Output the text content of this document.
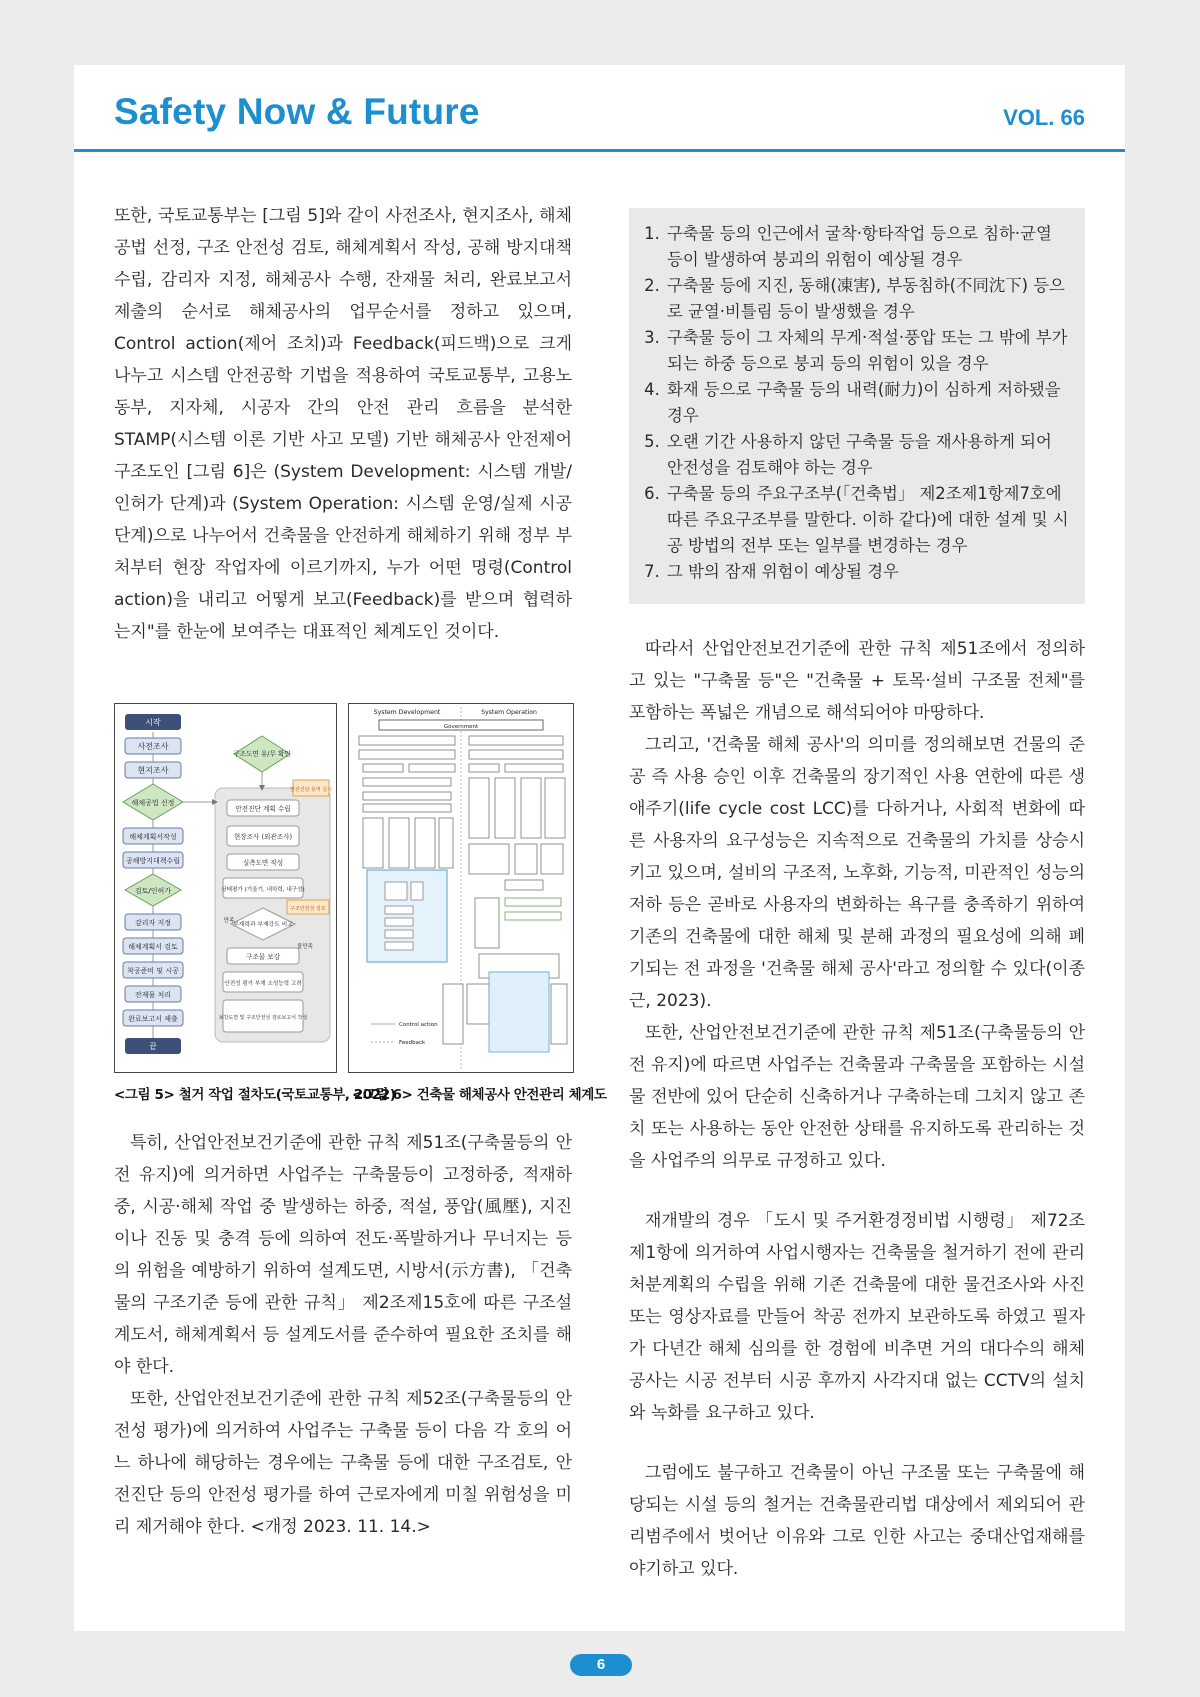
Safety Now & Future	VOL. 66

또한, 국토교통부는 [그림 5]와 같이 사전조사, 현지조사, 해체공법 선정, 구조 안전성 검토, 해체계획서 작성, 공해 방지대책 수립, 감리자 지정, 해체공사 수행, 잔재물 처리, 완료보고서 제출의 순서로 해체공사의 업무순서를 정하고 있으며, Control action(제어 조치)과 Feedback(피드백)으로 크게 나누고 시스템 안전공학 기법을 적용하여 국토교통부, 고용노동부, 지자체, 시공자 간의 안전 관리 흐름을 분석한 STAMP(시스템 이론 기반 사고 모델) 기반 해체공사 안전제어 구조도인 [그림 6]은 (System Development: 시스템 개발/인허가 단계)과 (System Operation: 시스템 운영/실제 시공 단계)으로 나누어서 건축물을 안전하게 해체하기 위해 정부 부처부터 현장 작업자에 이르기까지, 누가 어떤 명령(Control action)을 내리고 어떻게 보고(Feedback)를 받으며 협력하는지"를 한눈에 보여주는 대표적인 체계도인 것이다.

시작
사전조사
현지조사
해체공법 선정
해체계획서작성
공해방지대책수립
검토/인허가
감리자 지정
해체계획서 검토
착공준비 및 시공
잔재물 처리
완료보고서 제출
끝
구조도면 유/무 확인
안전진단 계획 수립
현장조사 (외관조사)
실측도면 작성
상태평가 (기울기, 내하력, 내구성)
부재력과 부재강도 비교
구조물 보강
안전성 평가 부재 소성능력 고려
보강도면 및 구조안전성 검토보고서 작성
안전진단 용역 실시
구조안전성 검토
만족
불만족
System Development	System Operation
Government
Control action
Feedback
<그림 5> 철거 작업 절차도(국토교통부, 2022)
<그림 6> 건축물 해체공사 안전관리 체계도

특히, 산업안전보건기준에 관한 규칙 제51조(구축물등의 안전 유지)에 의거하면 사업주는 구축물등이 고정하중, 적재하중, 시공·해체 작업 중 발생하는 하중, 적설, 풍압(風壓), 지진이나 진동 및 충격 등에 의하여 전도·폭발하거나 무너지는 등의 위험을 예방하기 위하여 설계도면, 시방서(示方書), 「건축물의 구조기준 등에 관한 규칙」 제2조제15호에 따른 구조설계도서, 해체계획서 등 설계도서를 준수하여 필요한 조치를 해야 한다.

또한, 산업안전보건기준에 관한 규칙 제52조(구축물등의 안전성 평가)에 의거하여 사업주는 구축물 등이 다음 각 호의 어느 하나에 해당하는 경우에는 구축물 등에 대한 구조검토, 안전진단 등의 안전성 평가를 하여 근로자에게 미칠 위험성을 미리 제거해야 한다. <개정 2023. 11. 14.>

1. 구축물 등의 인근에서 굴착·항타작업 등으로 침하·균열 등이 발생하여 붕괴의 위험이 예상될 경우
2. 구축물 등에 지진, 동해(凍害), 부동침하(不同沈下) 등으로 균열·비틀림 등이 발생했을 경우
3. 구축물 등이 그 자체의 무게·적설·풍압 또는 그 밖에 부가되는 하중 등으로 붕괴 등의 위험이 있을 경우
4. 화재 등으로 구축물 등의 내력(耐力)이 심하게 저하됐을 경우
5. 오랜 기간 사용하지 않던 구축물 등을 재사용하게 되어 안전성을 검토해야 하는 경우
6. 구축물 등의 주요구조부(「건축법」 제2조제1항제7호에 따른 주요구조부를 말한다. 이하 같다)에 대한 설계 및 시공 방법의 전부 또는 일부를 변경하는 경우
7. 그 밖의 잠재 위험이 예상될 경우

따라서 산업안전보건기준에 관한 규칙 제51조에서 정의하고 있는 "구축물 등"은 "건축물 + 토목·설비 구조물 전체"를 포함하는 폭넓은 개념으로 해석되어야 마땅하다.

그리고, '건축물 해체 공사'의 의미를 정의해보면 건물의 준공 즉 사용 승인 이후 건축물의 장기적인 사용 연한에 따른 생애주기(life cycle cost LCC)를 다하거나, 사회적 변화에 따른 사용자의 요구성능은 지속적으로 건축물의 가치를 상승시키고 있으며, 설비의 구조적, 노후화, 기능적, 미관적인 성능의 저하 등은 곧바로 사용자의 변화하는 욕구를 충족하기 위하여 기존의 건축물에 대한 해체 및 분해 과정의 필요성에 의해 폐기되는 전 과정을 '건축물 해체 공사'라고 정의할 수 있다(이종근, 2023).

또한, 산업안전보건기준에 관한 규칙 제51조(구축물등의 안전 유지)에 따르면 사업주는 건축물과 구축물을 포함하는 시설물 전반에 있어 단순히 신축하거나 구축하는데 그치지 않고 존치 또는 사용하는 동안 안전한 상태를 유지하도록 관리하는 것을 사업주의 의무로 규정하고 있다.

재개발의 경우 「도시 및 주거환경정비법 시행령」 제72조 제1항에 의거하여 사업시행자는 건축물을 철거하기 전에 관리처분계획의 수립을 위해 기존 건축물에 대한 물건조사와 사진 또는 영상자료를 만들어 착공 전까지 보관하도록 하였고 필자가 다년간 해체 심의를 한 경험에 비추면 거의 대다수의 해체 공사는 시공 전부터 시공 후까지 사각지대 없는 CCTV의 설치와 녹화를 요구하고 있다.

그럼에도 불구하고 건축물이 아닌 구조물 또는 구축물에 해당되는 시설 등의 철거는 건축물관리법 대상에서 제외되어 관리범주에서 벗어난 이유와 그로 인한 사고는 중대산업재해를 야기하고 있다.

6
